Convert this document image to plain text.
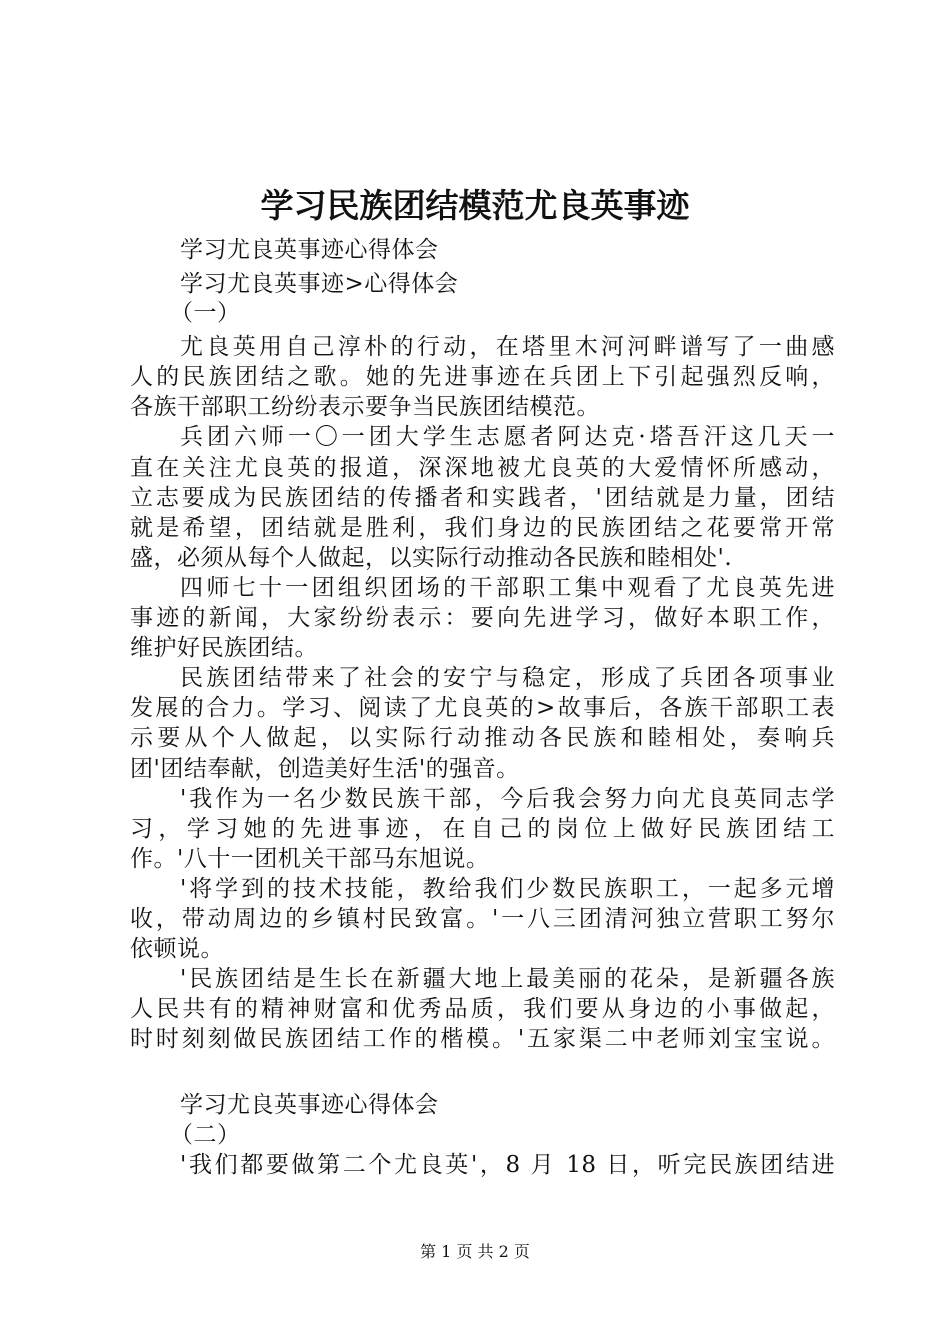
学习民族团结模范尤良英事迹
学习尤良英事迹心得体会
学习尤良英事迹>心得体会
（一）
尤良英用自己淳朴的行动，在塔里木河河畔谱写了一曲感
人的民族团结之歌。她的先进事迹在兵团上下引起强烈反响，
各族干部职工纷纷表示要争当民族团结模范。
兵团六师一〇一团大学生志愿者阿达克·塔吾汗这几天一
直在关注尤良英的报道，深深地被尤良英的大爱情怀所感动，
立志要成为民族团结的传播者和实践者，'团结就是力量，团结
就是希望，团结就是胜利，我们身边的民族团结之花要常开常
盛，必须从每个人做起，以实际行动推动各民族和睦相处'.
四师七十一团组织团场的干部职工集中观看了尤良英先进
事迹的新闻，大家纷纷表示：要向先进学习，做好本职工作，
维护好民族团结。
民族团结带来了社会的安宁与稳定，形成了兵团各项事业
发展的合力。学习、阅读了尤良英的>故事后，各族干部职工表
示要从个人做起，以实际行动推动各民族和睦相处，奏响兵
团'团结奉献，创造美好生活'的强音。
'我作为一名少数民族干部，今后我会努力向尤良英同志学
习，学习她的先进事迹，在自己的岗位上做好民族团结工
作。'八十一团机关干部马东旭说。
'将学到的技术技能，教给我们少数民族职工，一起多元增
收，带动周边的乡镇村民致富。'一八三团清河独立营职工努尔
依顿说。
'民族团结是生长在新疆大地上最美丽的花朵，是新疆各族
人民共有的精神财富和优秀品质，我们要从身边的小事做起，
时时刻刻做民族团结工作的楷模。'五家渠二中老师刘宝宝说。
学习尤良英事迹心得体会
（二）
'我们都要做第二个尤良英'，8 月 18 日，听完民族团结进
第 1 页 共 2 页
